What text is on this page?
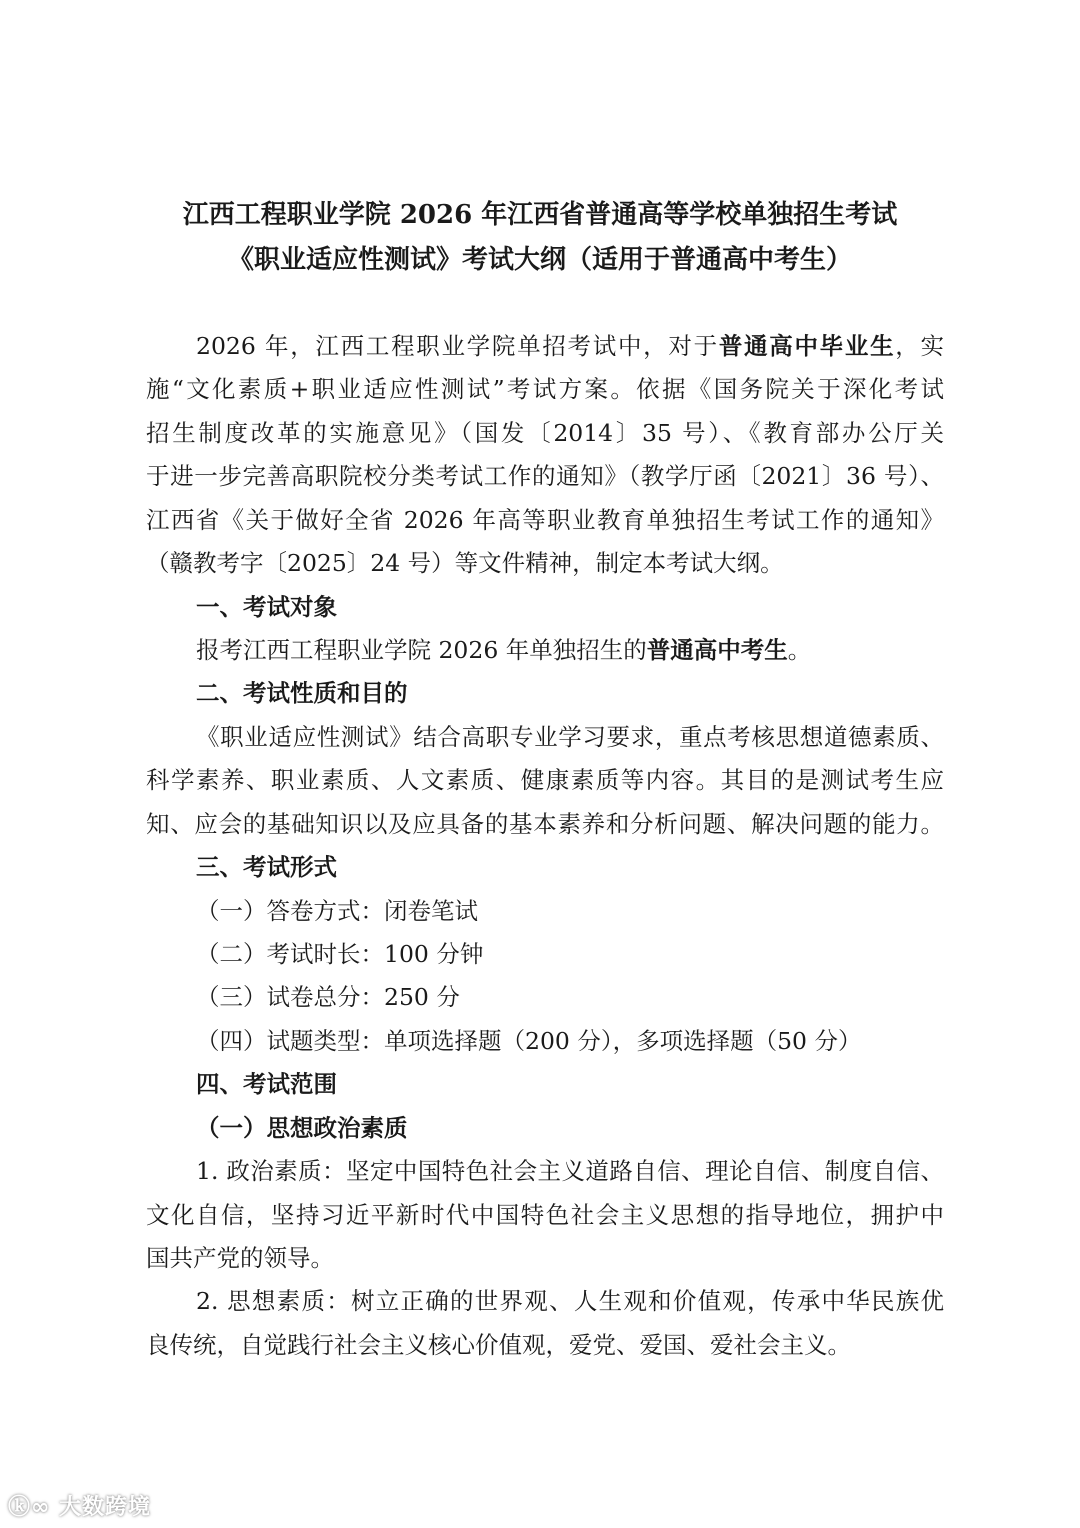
江西工程职业学院 2026 年江西省普通高等学校单独招生考试
《职业适应性测试》考试大纲（适用于普通高中考生）
2026 年，江西工程职业学院单招考试中，对于普通高中毕业生，实
施“文化素质+职业适应性测试”考试方案。依据《国务院关于深化考试
招生制度改革的实施意见》（国发〔2014〕35 号）、《教育部办公厅关
于进一步完善高职院校分类考试工作的通知》（教学厅函〔2021〕36 号）、
江西省《关于做好全省 2026 年高等职业教育单独招生考试工作的通知》
（赣教考字〔2025〕24 号）等文件精神，制定本考试大纲。
一、考试对象
报考江西工程职业学院 2026 年单独招生的普通高中考生。
二、考试性质和目的
《职业适应性测试》结合高职专业学习要求，重点考核思想道德素质、
科学素养、职业素质、人文素质、健康素质等内容。其目的是测试考生应
知、应会的基础知识以及应具备的基本素养和分析问题、解决问题的能力。
三、考试形式
（一）答卷方式：闭卷笔试
（二）考试时长：100 分钟
（三）试卷总分：250 分
（四）试题类型：单项选择题（200 分），多项选择题（50 分）
四、考试范围
（一）思想政治素质
1. 政治素质：坚定中国特色社会主义道路自信、理论自信、制度自信、
文化自信，坚持习近平新时代中国特色社会主义思想的指导地位，拥护中
国共产党的领导。
2. 思想素质：树立正确的世界观、人生观和价值观，传承中华民族优
良传统，自觉践行社会主义核心价值观，爱党、爱国、爱社会主义。
ⓚ∞ 大数跨境
